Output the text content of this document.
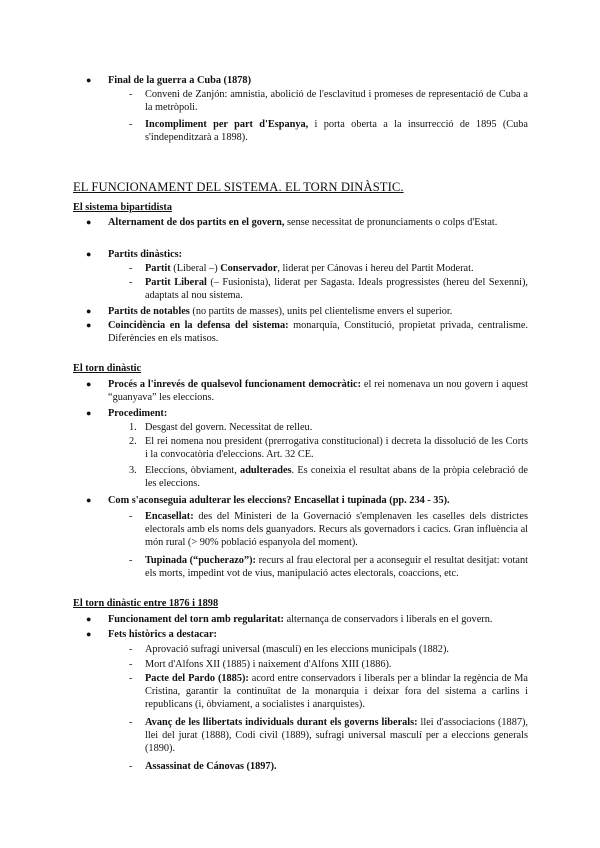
● Final de la guerra a Cuba (1878)
- Conveni de Zanjón: amnistia, abolició de l'esclavitud i promeses de representació de Cuba a la metròpoli.
- Incompliment per part d'Espanya, i porta oberta a la insurrecció de 1895 (Cuba s'independitzarà a 1898).
EL FUNCIONAMENT DEL SISTEMA. EL TORN DINÀSTIC.
El sistema bipartidista
● Alternament de dos partits en el govern, sense necessitat de pronunciaments o colps d'Estat.
● Partits dinàstics:
- Partit (Liberal –) Conservador, liderat per Cánovas i hereu del Partit Moderat.
- Partit Liberal (– Fusionista), liderat per Sagasta. Ideals progressistes (hereu del Sexenni), adaptats al nou sistema.
● Partits de notables (no partits de masses), units pel clientelisme envers el superior.
● Coincidència en la defensa del sistema: monarquia, Constitució, propietat privada, centralisme. Diferències en els matisos.
El torn dinàstic
● Procés a l'inrevés de qualsevol funcionament democràtic: el rei nomenava un nou govern i aquest “guanyava” les eleccions.
● Procediment:
1. Desgast del govern. Necessitat de relleu.
2. El rei nomena nou president (prerrogativa constitucional) i decreta la dissolució de les Corts i la convocatòria d'eleccions. Art. 32 CE.
3. Eleccions, òbviament, adulterades. Es coneixia el resultat abans de la pròpia celebració de les eleccions.
● Com s'aconseguia adulterar les eleccions? Encasellat i tupinada (pp. 234 - 35).
- Encasellat: des del Ministeri de la Governació s'emplenaven les caselles dels districtes electorals amb els noms dels guanyadors. Recurs als governadors i cacics. Gran influència al món rural (> 90% població espanyola del moment).
- Tupinada (“pucherazo”): recurs al frau electoral per a aconseguir el resultat desitjat: votant els morts, impedint vot de vius, manipulació actes electorals, coaccions, etc.
El torn dinàstic entre 1876 i 1898
● Funcionament del torn amb regularitat: alternança de conservadors i liberals en el govern.
● Fets històrics a destacar:
- Aprovació sufragi universal (masculí) en les eleccions municipals (1882).
- Mort d'Alfons XII (1885) i naixement d'Alfons XIII (1886).
- Pacte del Pardo (1885): acord entre conservadors i liberals per a blindar la regència de Ma Cristina, garantir la continuïtat de la monarquia i deixar fora del sistema a carlins i republicans (i, òbviament, a socialistes i anarquistes).
- Avanç de les llibertats individuals durant els governs liberals: llei d'associacions (1887), llei del jurat (1888), Codi civil (1889), sufragi universal masculí per a eleccions generals (1890).
- Assassinat de Cánovas (1897).
